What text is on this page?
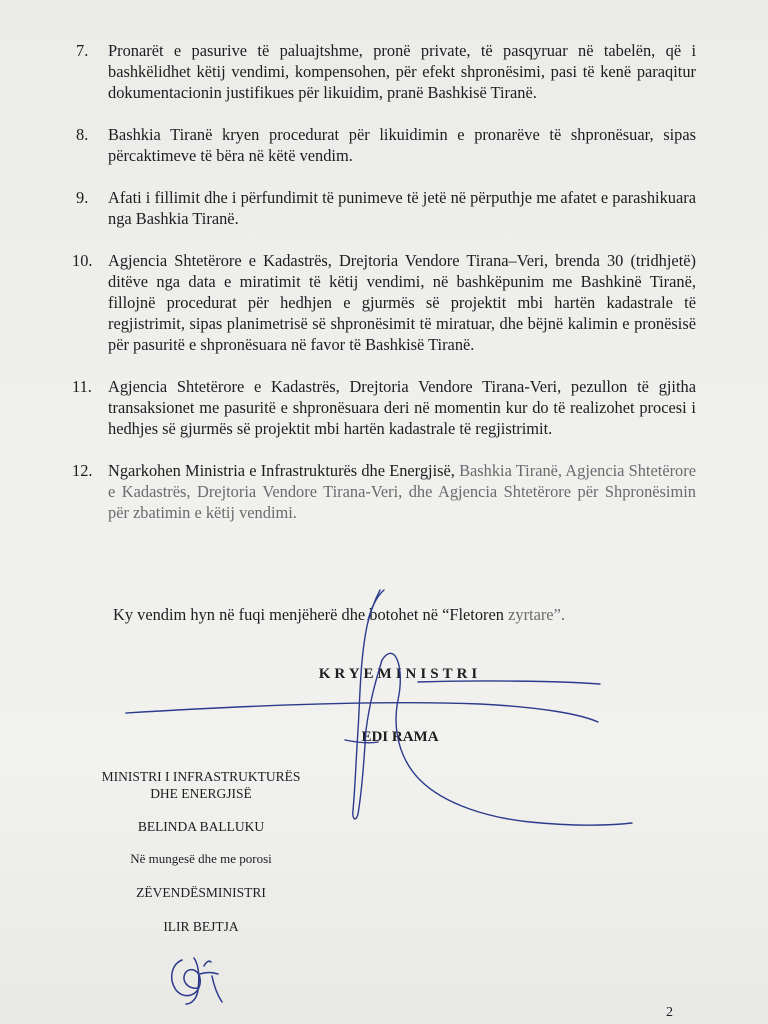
7.	Pronarët e pasurive të paluajtshme, pronë private, të pasqyruar në tabelën, që i bashkëlidhet këtij vendimi, kompensohen, për efekt shpronësimi, pasi të kenë paraqitur dokumentacionin justifikues për likuidim, pranë Bashkisë Tiranë.
8.	Bashkia Tiranë kryen procedurat për likuidimin e pronarëve të shpronësuar, sipas përcaktimeve të bëra në këtë vendim.
9.	Afati i fillimit dhe i përfundimit të punimeve të jetë në përputhje me afatet e parashikuara nga Bashkia Tiranë.
10. Agjencia Shtetërore e Kadastrës, Drejtoria Vendore Tirana–Veri, brenda 30 (tridhjetë) ditëve nga data e miratimit të këtij vendimi, në bashkëpunim me Bashkinë Tiranë, fillojnë procedurat për hedhjen e gjurmës së projektit mbi hartën kadastrale të regjistrimit, sipas planimetrisë së shpronësimit të miratuar, dhe bëjnë kalimin e pronësisë për pasuritë e shpronësuara në favor të Bashkisë Tiranë.
11. Agjencia Shtetërore e Kadastrës, Drejtoria Vendore Tirana-Veri, pezullon të gjitha transaksionet me pasuritë e shpronësuara deri në momentin kur do të realizohet procesi i hedhjes së gjurmës së projektit mbi hartën kadastrale të regjistrimit.
12. Ngarkohen Ministria e Infrastrukturës dhe Energjisë, Bashkia Tiranë, Agjencia Shtetërore e Kadastrës, Drejtoria Vendore Tirana-Veri, dhe Agjencia Shtetërore për Shpronësimin për zbatimin e këtij vendimi.
Ky vendim hyn në fuqi menjëherë dhe botohet në “Fletoren zyrtare”.
KRYEMINISTRI
EDI RAMA
MINISTRI I INFRASTRUKTURËS
DHE ENERGJISË
BELINDA BALLUKU
Në mungesë dhe me porosi
ZËVENDËSMINISTRI
ILIR BEJTJA
2
